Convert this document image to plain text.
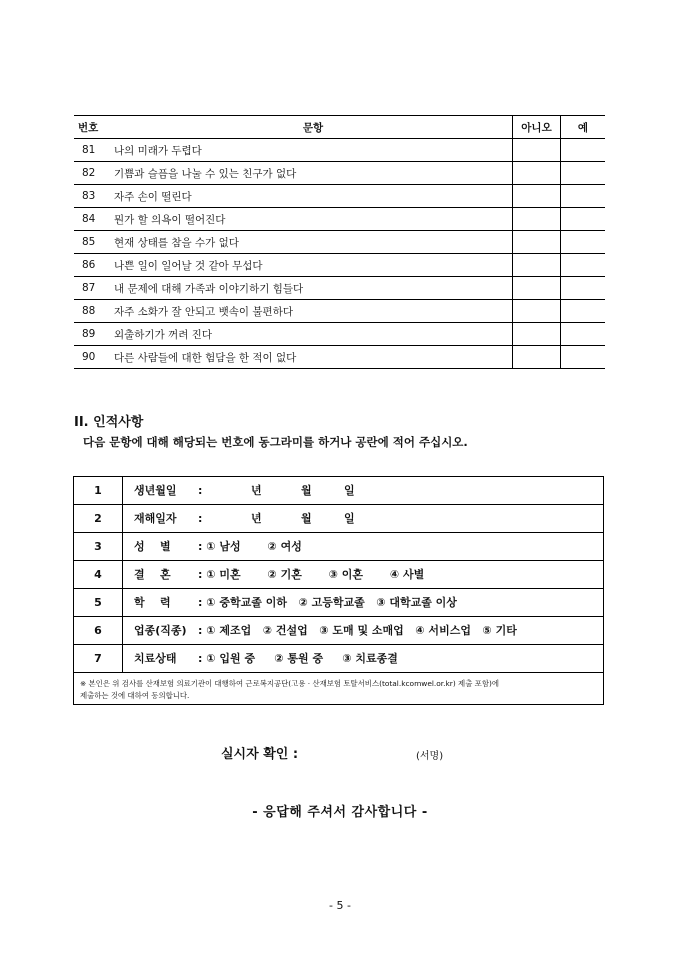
번호	문항	아니오	예
81	나의 미래가 두렵다		
82	기쁨과 슬픔을 나눌 수 있는 친구가 없다		
83	자주 손이 떨린다		
84	뭔가 할 의욕이 떨어진다		
85	현재 상태를 참을 수가 없다		
86	나쁜 일이 일어날 것 같아 무섭다		
87	내 문제에 대해 가족과 이야기하기 힘들다		
88	자주 소화가 잘 안되고 뱃속이 불편하다		
89	외출하기가 꺼려 진다		
90	다른 사람들에 대한 험담을 한 적이 없다		
II. 인적사항
다음 문항에 대해 해당되는 번호에 동그라미를 하거나 공란에 적어 주십시오.
1	생년월일 :	년	월	일
2	재해일자 :	년	월	일
3	성    별 : ① 남성       ② 여성
4	결    혼 : ① 미혼       ② 기혼       ③ 이혼       ④ 사별
5	학    력 : ① 중학교졸 이하   ② 고등학교졸   ③ 대학교졸 이상
6	업종(직종) : ① 제조업   ② 건설업   ③ 도매 및 소매업   ④ 서비스업   ⑤ 기타
7	치료상태 : ① 입원 중     ② 통원 중     ③ 치료종결
※ 본인은 위 검사를 산재보험 의료기관이 대행하여 근로복지공단(고용 · 산재보험 토탈서비스(total.kcomwel.or.kr) 제출 포함)에
제출하는 것에 대하여 동의합니다.
실시자 확인 :	(서명)
- 응답해 주셔서 감사합니다 -
- 5 -
